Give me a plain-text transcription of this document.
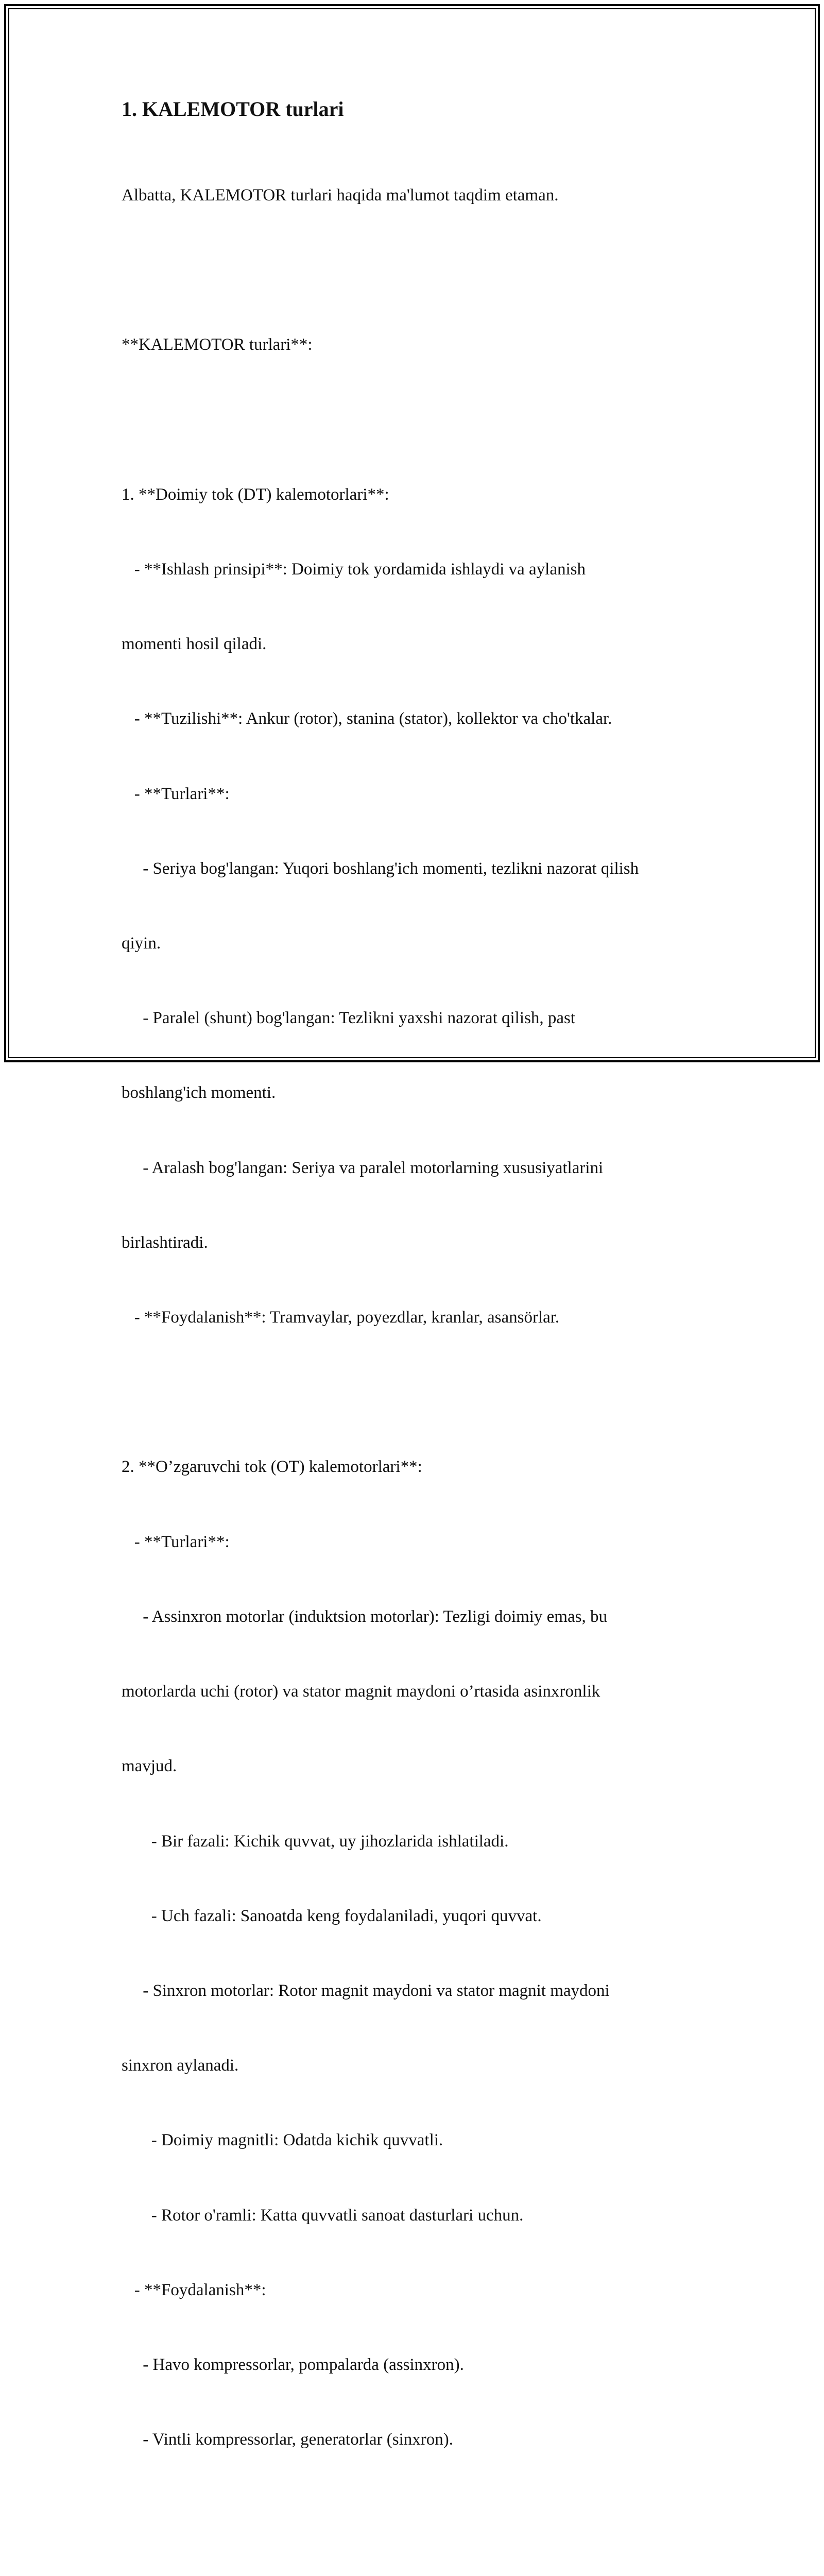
1. KALEMOTOR turlari

Albatta, KALEMOTOR turlari haqida ma'lumot taqdim etaman.

**KALEMOTOR turlari**:

1. **Doimiy tok (DT) kalemotorlari**:

- **Ishlash prinsipi**: Doimiy tok yordamida ishlaydi va aylanish

momenti hosil qiladi.

- **Tuzilishi**: Ankur (rotor), stanina (stator), kollektor va cho'tkalar.

- **Turlari**:

- Seriya bog'langan: Yuqori boshlang'ich momenti, tezlikni nazorat qilish

qiyin.

- Paralel (shunt) bog'langan: Tezlikni yaxshi nazorat qilish, past

boshlang'ich momenti.

- Aralash bog'langan: Seriya va paralel motorlarning xususiyatlarini

birlashtiradi.

- **Foydalanish**: Tramvaylar, poyezdlar, kranlar, asansörlar.

2. **O’zgaruvchi tok (OT) kalemotorlari**:

- **Turlari**:

- Assinxron motorlar (induktsion motorlar): Tezligi doimiy emas, bu

motorlarda uchi (rotor) va stator magnit maydoni o’rtasida asinxronlik

mavjud.

- Bir fazali: Kichik quvvat, uy jihozlarida ishlatiladi.

- Uch fazali: Sanoatda keng foydalaniladi, yuqori quvvat.

- Sinxron motorlar: Rotor magnit maydoni va stator magnit maydoni

sinxron aylanadi.

- Doimiy magnitli: Odatda kichik quvvatli.

- Rotor o'ramli: Katta quvvatli sanoat dasturlari uchun.

- **Foydalanish**:

- Havo kompressorlar, pompalarda (assinxron).

- Vintli kompressorlar, generatorlar (sinxron).
